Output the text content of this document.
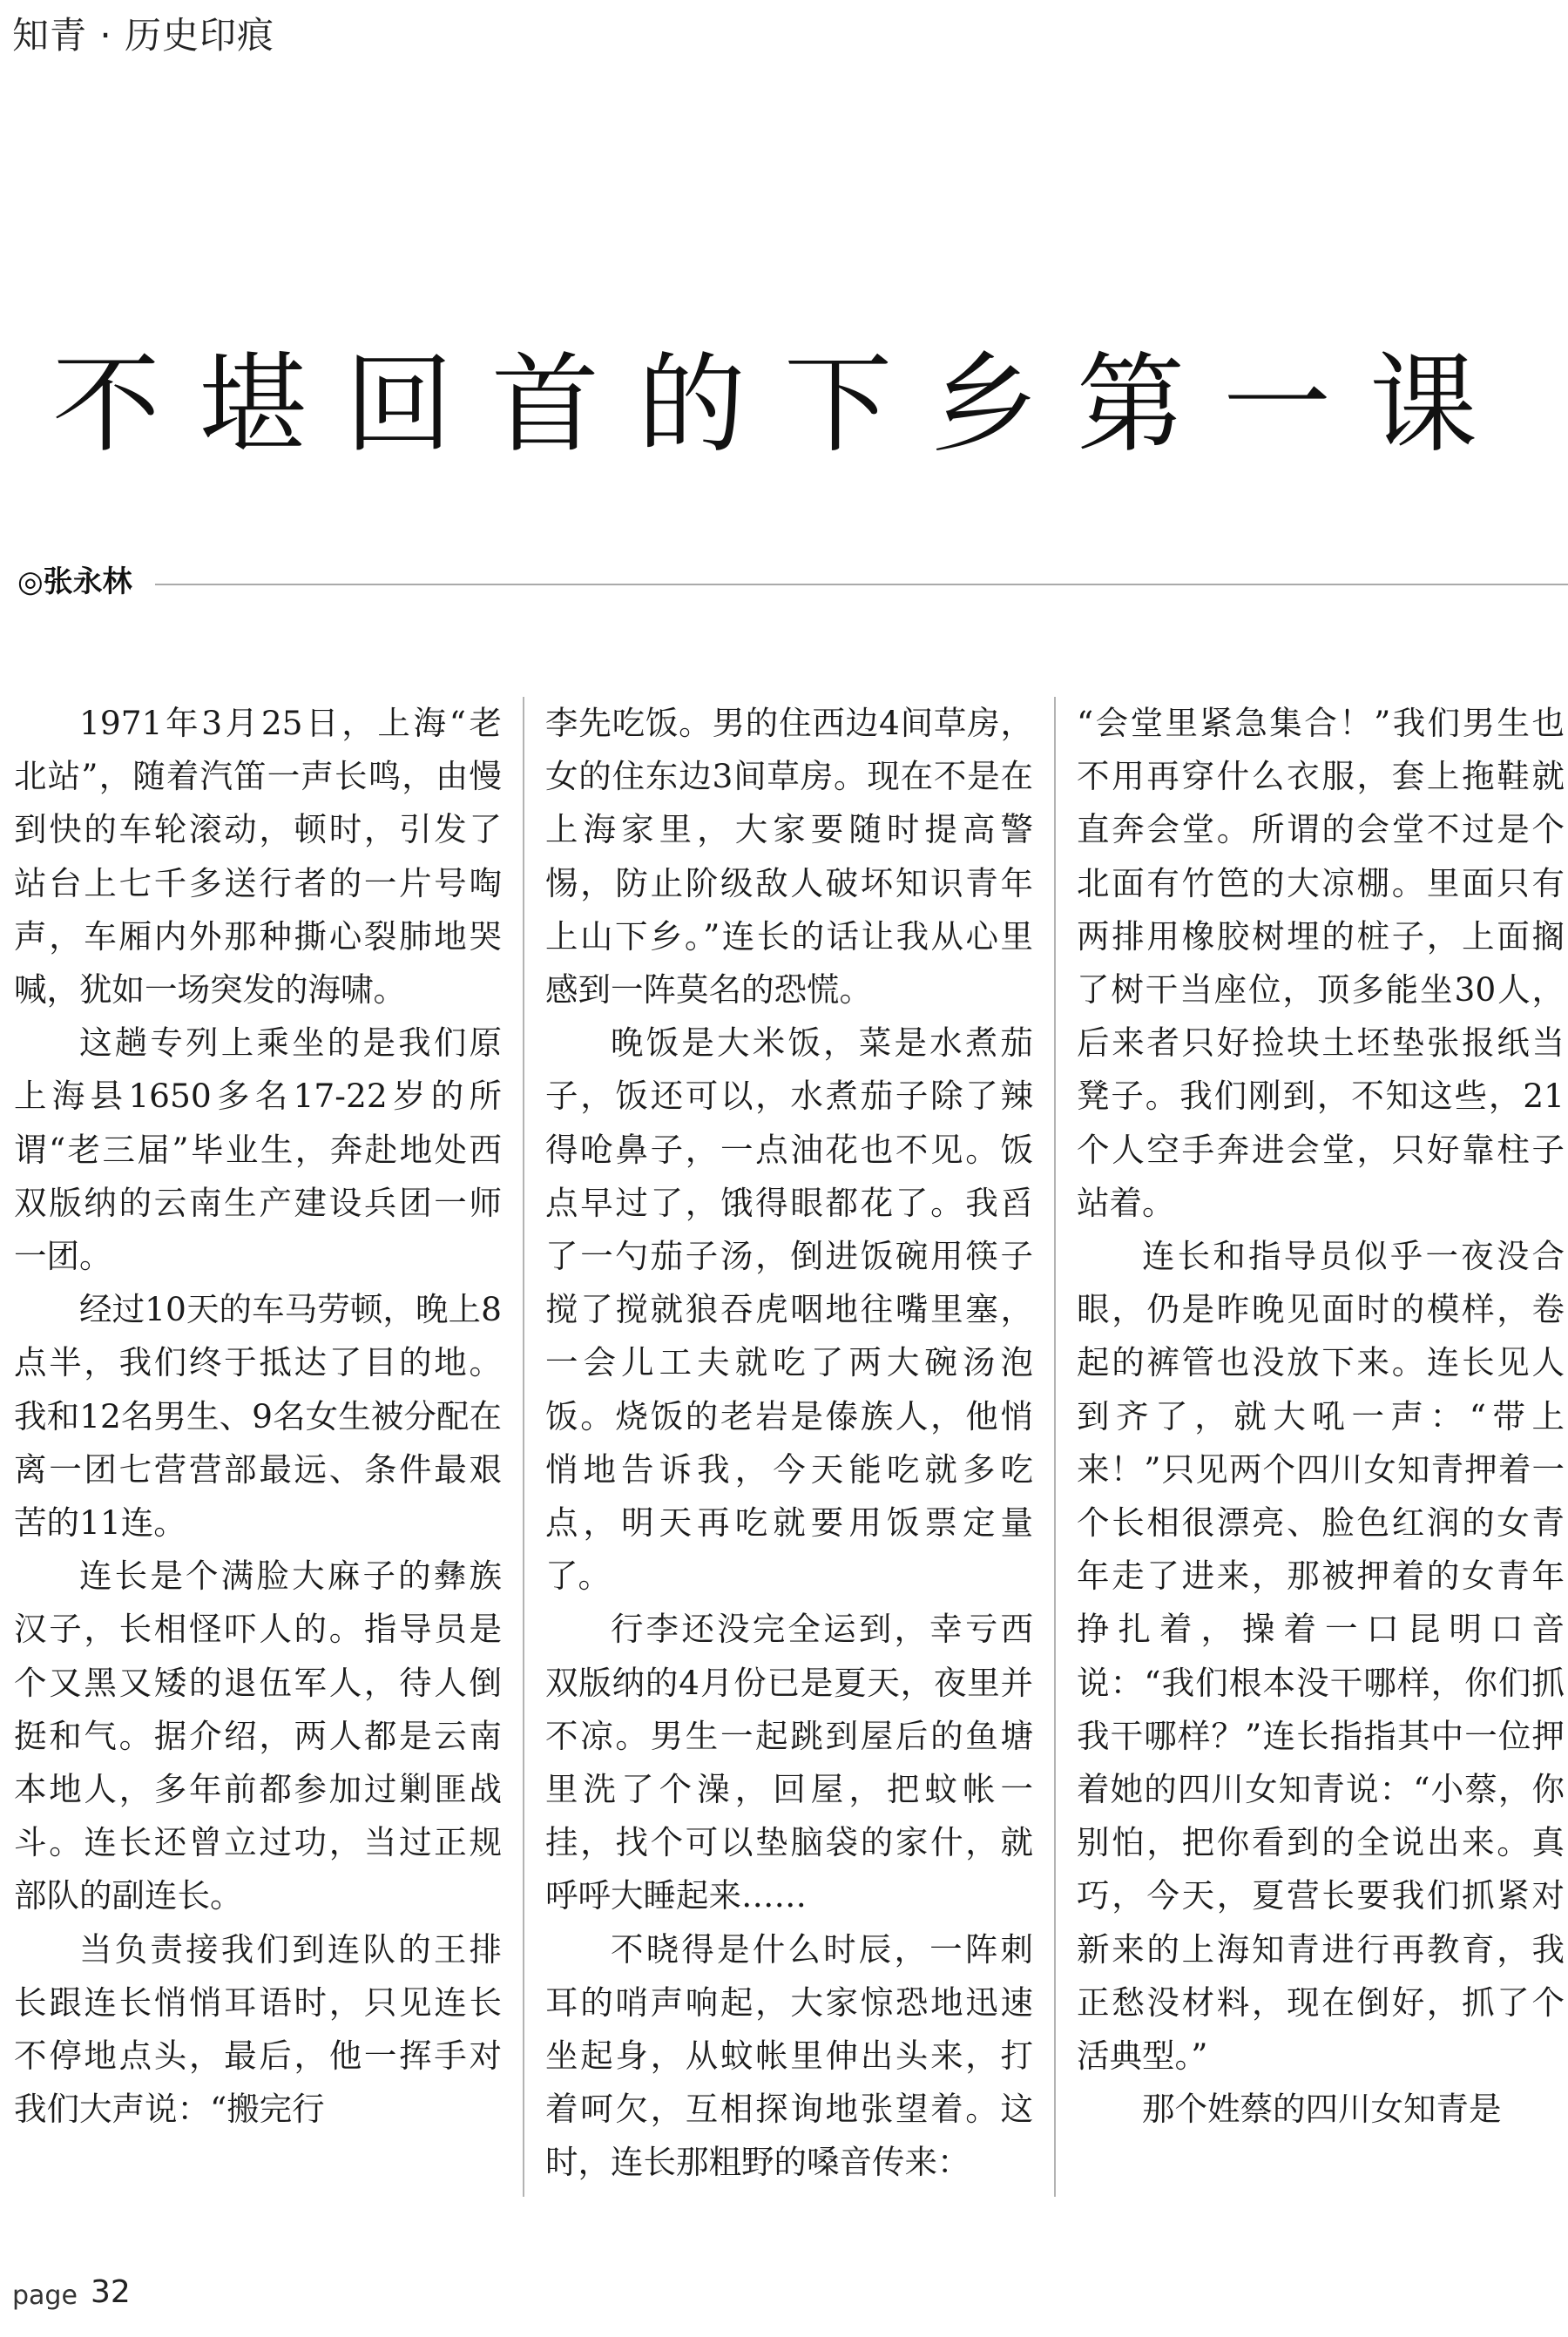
知青 · 历史印痕
不堪回首的下乡第一课
◎张永林

1971年3月25日，上海“老北站”，随着汽笛一声长鸣，由慢到快的车轮滚动，顿时，引发了站台上七千多送行者的一片号啕声，车厢内外那种撕心裂肺地哭喊，犹如一场突发的海啸。

这趟专列上乘坐的是我们原上海县1650多名17-22岁的所谓“老三届”毕业生，奔赴地处西双版纳的云南生产建设兵团一师一团。

经过10天的车马劳顿，晚上8点半，我们终于抵达了目的地。我和12名男生、9名女生被分配在离一团七营营部最远、条件最艰苦的11连。

连长是个满脸大麻子的彝族汉子，长相怪吓人的。指导员是个又黑又矮的退伍军人，待人倒挺和气。据介绍，两人都是云南本地人，多年前都参加过剿匪战斗。连长还曾立过功，当过正规部队的副连长。

当负责接我们到连队的王排长跟连长悄悄耳语时，只见连长不停地点头，最后，他一挥手对我们大声说：“搬完行

李先吃饭。男的住西边4间草房，女的住东边3间草房。现在不是在上海家里，大家要随时提高警惕，防止阶级敌人破坏知识青年上山下乡。”连长的话让我从心里感到一阵莫名的恐慌。

晚饭是大米饭，菜是水煮茄子，饭还可以，水煮茄子除了辣得呛鼻子，一点油花也不见。饭点早过了，饿得眼都花了。我舀了一勺茄子汤，倒进饭碗用筷子搅了搅就狼吞虎咽地往嘴里塞，一会儿工夫就吃了两大碗汤泡饭。烧饭的老岩是傣族人，他悄悄地告诉我，今天能吃就多吃点，明天再吃就要用饭票定量了。

行李还没完全运到，幸亏西双版纳的4月份已是夏天，夜里并不凉。男生一起跳到屋后的鱼塘里洗了个澡，回屋，把蚊帐一挂，找个可以垫脑袋的家什，就呼呼大睡起来……

不晓得是什么时辰，一阵刺耳的哨声响起，大家惊恐地迅速坐起身，从蚊帐里伸出头来，打着呵欠，互相探询地张望着。这时，连长那粗野的嗓音传来：

“会堂里紧急集合！”我们男生也不用再穿什么衣服，套上拖鞋就直奔会堂。所谓的会堂不过是个北面有竹笆的大凉棚。里面只有两排用橡胶树埋的桩子，上面搁了树干当座位，顶多能坐30人，后来者只好捡块土坯垫张报纸当凳子。我们刚到，不知这些，21个人空手奔进会堂，只好靠柱子站着。

连长和指导员似乎一夜没合眼，仍是昨晚见面时的模样，卷起的裤管也没放下来。连长见人到齐了，就大吼一声：“带上来！”只见两个四川女知青押着一个长相很漂亮、脸色红润的女青年走了进来，那被押着的女青年挣扎着，操着一口昆明口音说：“我们根本没干哪样，你们抓我干哪样？”连长指指其中一位押着她的四川女知青说：“小蔡，你别怕，把你看到的全说出来。真巧，今天，夏营长要我们抓紧对新来的上海知青进行再教育，我正愁没材料，现在倒好，抓了个活典型。”

那个姓蔡的四川女知青是

page 32
